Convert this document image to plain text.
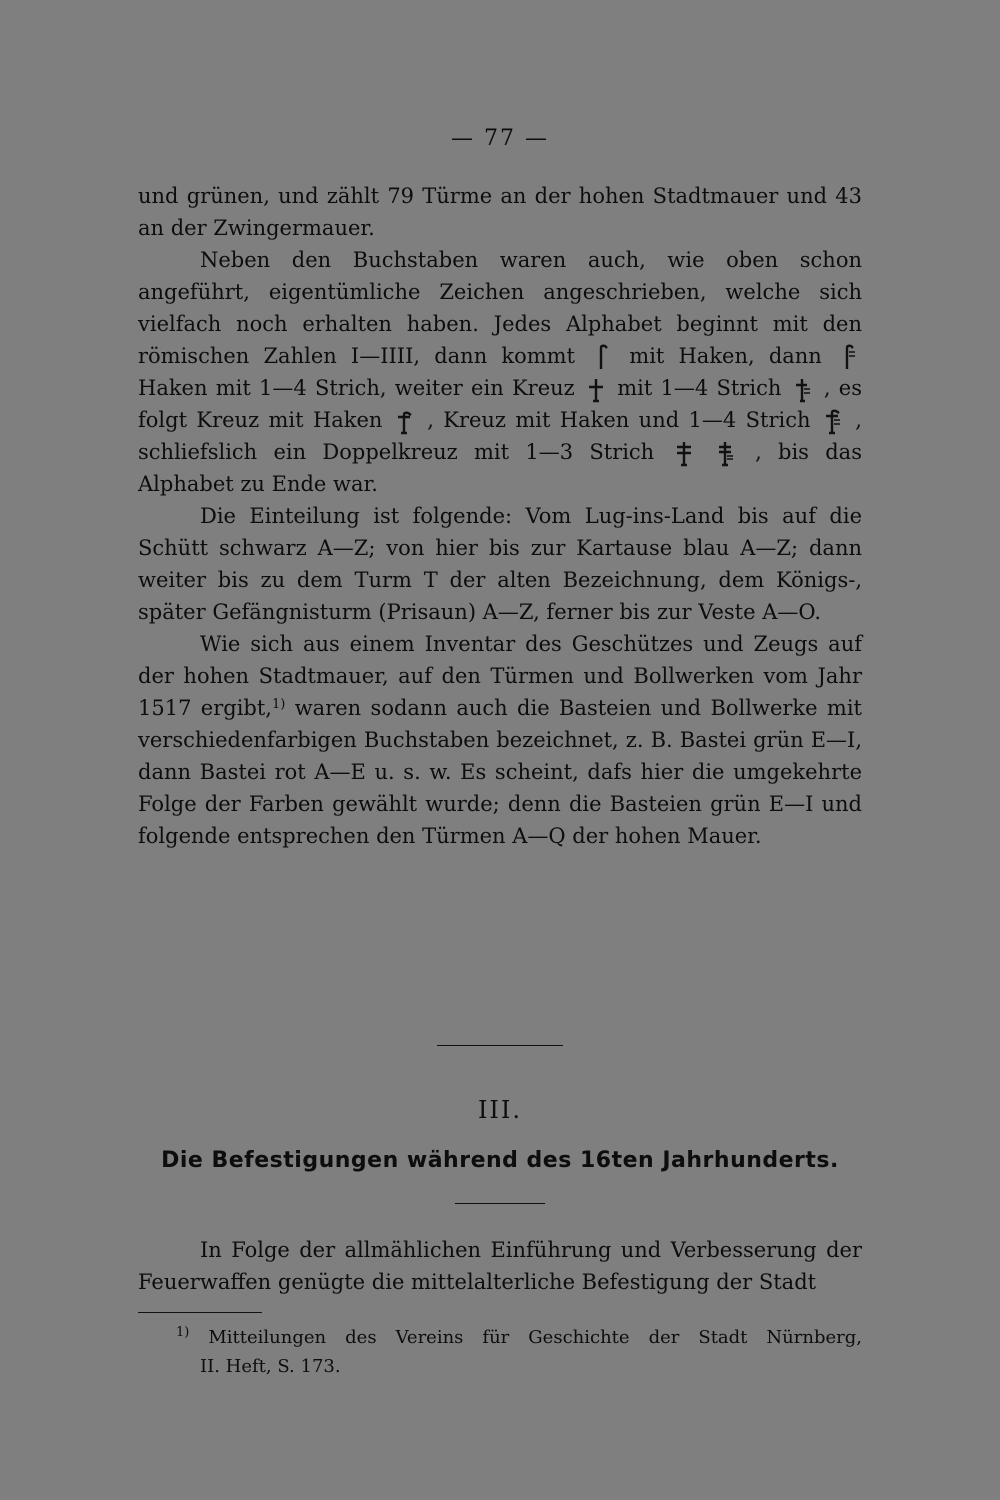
— 77 —

und grünen, und zählt 79 Türme an der hohen Stadtmauer und 43 an der Zwingermauer.

Neben den Buchstaben waren auch, wie oben schon angeführt, eigentümliche Zeichen angeschrieben, welche sich vielfach noch erhalten haben. Jedes Alphabet beginnt mit den römischen Zahlen I—IIII, dann kommt	mit Haken, dann
Haken mit 1—4 Strich, weiter ein Kreuz mit 1—4 Strich , es folgt Kreuz mit Haken , Kreuz mit Haken und 1—4 Strich , schliefslich ein Doppelkreuz mit 1—3 Strich
	, bis das Alphabet zu Ende war.

Die Einteilung ist folgende: Vom Lug-ins-Land bis auf die Schütt schwarz A—Z; von hier bis zur Kartause blau A—Z; dann weiter bis zu dem Turm T der alten Bezeichnung, dem Königs-, später Gefängnisturm (Prisaun) A—Z, ferner bis zur Veste A—O.

Wie sich aus einem Inventar des Geschützes und Zeugs auf der hohen Stadtmauer, auf den Türmen und Bollwerken vom Jahr 1517 ergibt,$^{1)}$ waren sodann auch die Basteien und Bollwerke mit verschiedenfarbigen Buchstaben bezeichnet, z. B. Bastei grün E—I, dann Bastei rot A—E u. s. w. Es scheint, dafs hier die umgekehrte Folge der Farben gewählt wurde; denn die Basteien grün E—I und folgende entsprechen den Türmen A—Q der hohen Mauer.

III.
Die Befestigungen während des 16ten Jahrhunderts.

In Folge der allmählichen Einführung und Verbesserung der Feuerwaffen genügte die mittelalterliche Befestigung der Stadt

$^{1)}$ Mitteilungen des Vereins für Geschichte der Stadt Nürnberg,
II. Heft, S. 173.
